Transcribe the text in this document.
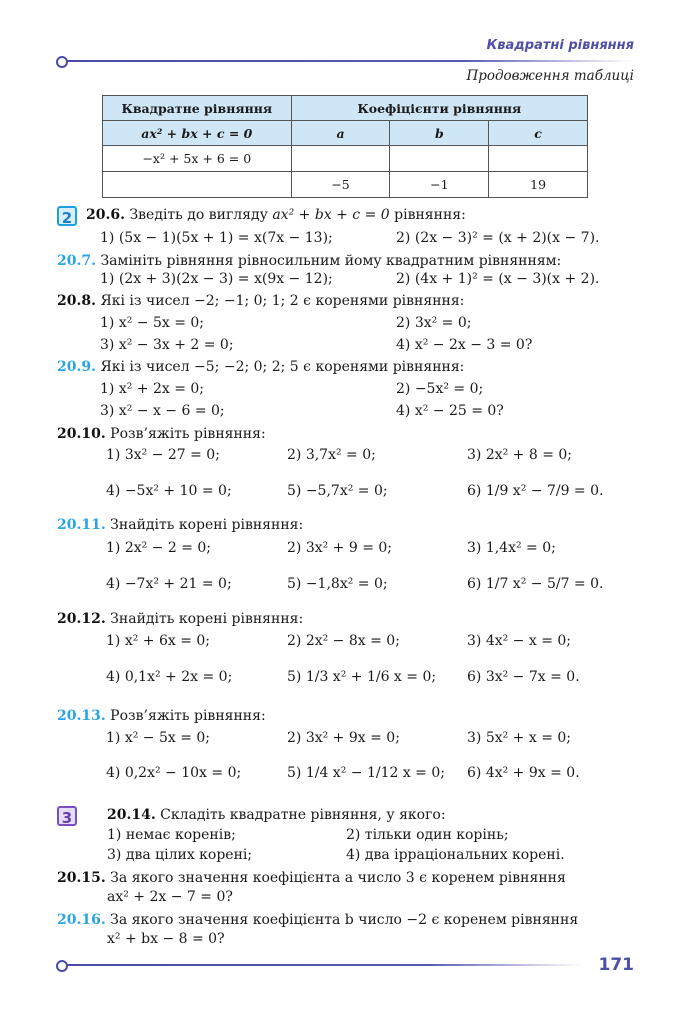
Квадратні рівняння
Продовження таблиці
Квадратне рівняння	Коефіцієнти рівняння		
ax² + bx + c = 0	a	b	c
−x² + 5x + 6 = 0			
	−5	−1	19
2 20.6. Зведіть до вигляду ax² + bx + c = 0 рівняння:
1) (5x − 1)(5x + 1) = x(7x − 13);	2) (2x − 3)² = (x + 2)(x − 7).
20.7. Замініть рівняння рівносильним йому квадратним рівнянням:
1) (2x + 3)(2x − 3) = x(9x − 12);	2) (4x + 1)² = (x − 3)(x + 2).
20.8. Які із чисел −2; −1; 0; 1; 2 є коренями рівняння:
1) x² − 5x = 0;	2) 3x² = 0;
3) x² − 3x + 2 = 0;	4) x² − 2x − 3 = 0?
20.9. Які із чисел −5; −2; 0; 2; 5 є коренями рівняння:
1) x² + 2x = 0;	2) −5x² = 0;
3) x² − x − 6 = 0;	4) x² − 25 = 0?
20.10. Розв’яжіть рівняння:
1) 3x² − 27 = 0;	2) 3,7x² = 0;	3) 2x² + 8 = 0;
4) −5x² + 10 = 0;	5) −5,7x² = 0;	6) 1/9 x² − 7/9 = 0.
20.11. Знайдіть корені рівняння:
1) 2x² − 2 = 0;	2) 3x² + 9 = 0;	3) 1,4x² = 0;
4) −7x² + 21 = 0;	5) −1,8x² = 0;	6) 1/7 x² − 5/7 = 0.
20.12. Знайдіть корені рівняння:
1) x² + 6x = 0;	2) 2x² − 8x = 0;	3) 4x² − x = 0;
4) 0,1x² + 2x = 0;	5) 1/3 x² + 1/6 x = 0; 6) 3x² − 7x = 0.
20.13. Розв’яжіть рівняння:
1) x² − 5x = 0;	2) 3x² + 9x = 0;	3) 5x² + x = 0;
4) 0,2x² − 10x = 0;	5) 1/4 x² − 1/12 x = 0; 6) 4x² + 9x = 0.
3	20.14. Складіть квадратне рівняння, у якого:
1) немає коренів;	2) тільки один корінь;
3) два цілих корені;	4) два ірраціональних корені.
20.15. За якого значення коефіцієнта a число 3 є коренем рівняння
ax² + 2x − 7 = 0?
20.16. За якого значення коефіцієнта b число −2 є коренем рівняння
x² + bx − 8 = 0?
171
